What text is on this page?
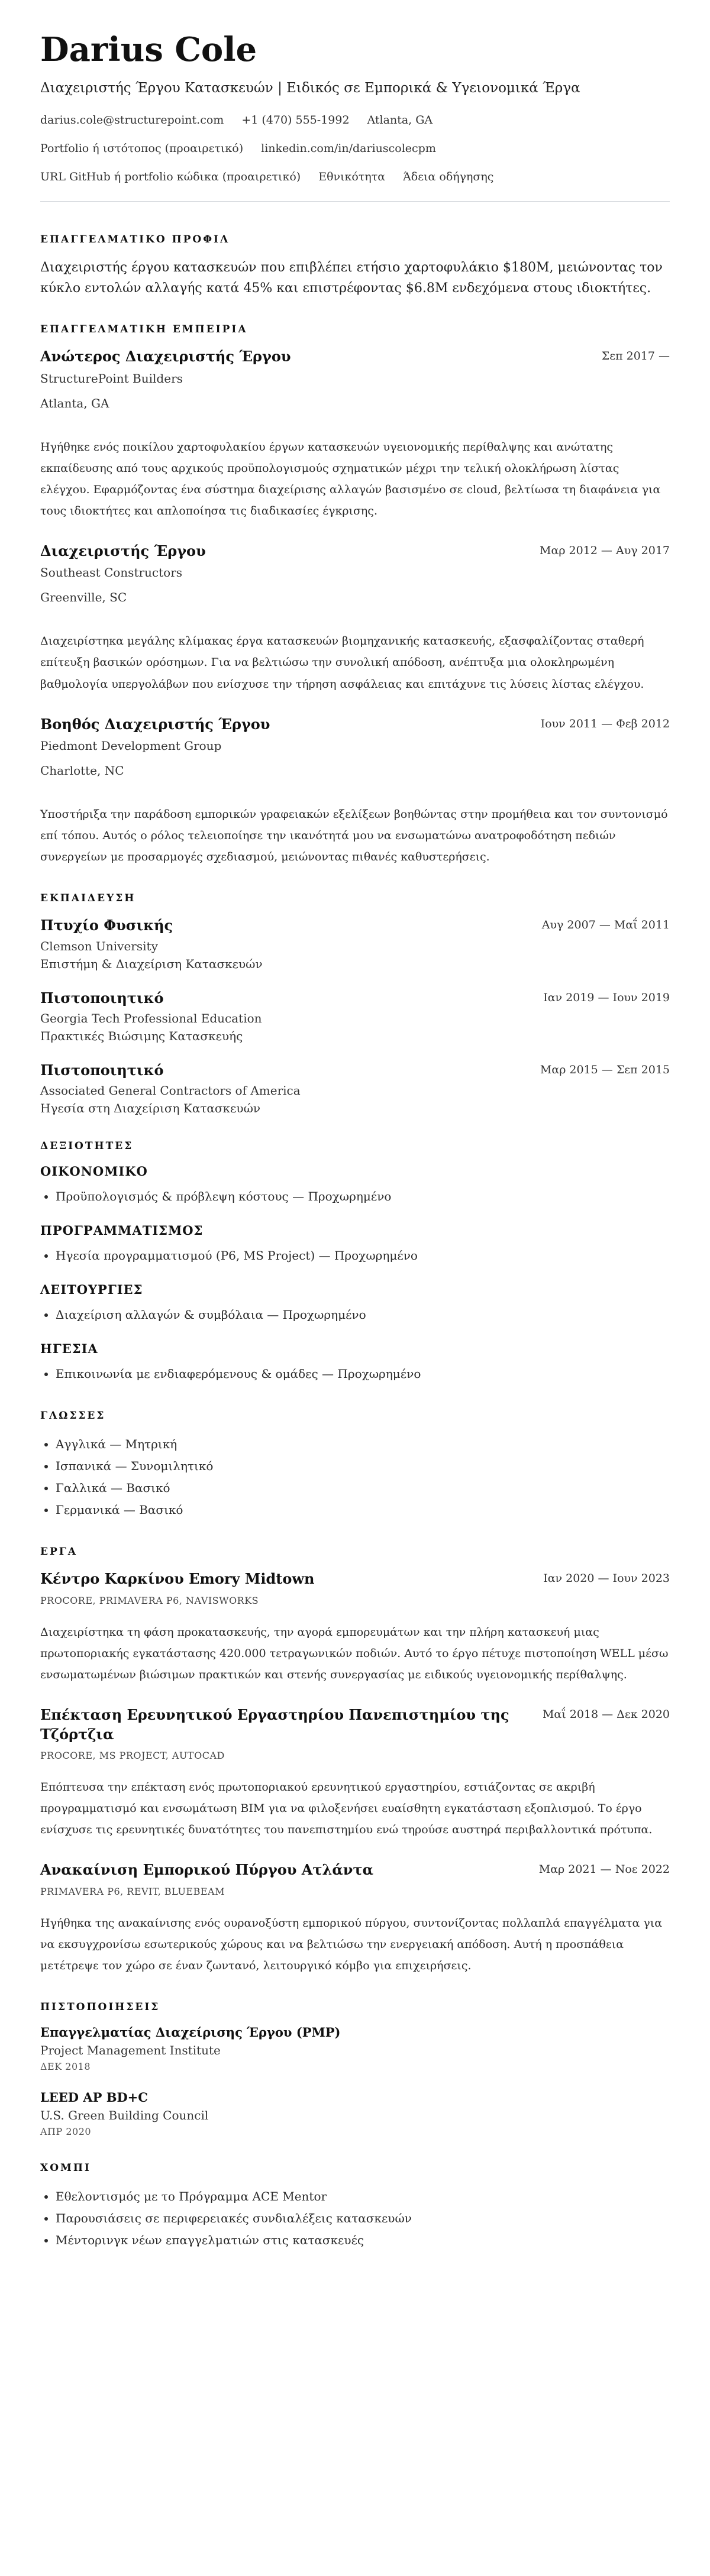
Darius Cole
Διαχειριστής Έργου Κατασκευών | Ειδικός σε Εμπορικά & Υγειονομικά Έργα
darius.cole@structurepoint.com +1 (470) 555-1992 Atlanta, GA
Portfolio ή ιστότοπος (προαιρετικό) linkedin.com/in/dariuscolecpm
URL GitHub ή portfolio κώδικα (προαιρετικό) Εθνικότητα Άδεια οδήγησης
ΕΠΑΓΓΕΛΜΑΤΙΚΟ ΠΡΟΦΙΛ

Διαχειριστής έργου κατασκευών που επιβλέπει ετήσιο χαρτοφυλάκιο $180M, μειώνοντας τον κύκλο εντολών αλλαγής κατά 45% και επιστρέφοντας $6.8M ενδεχόμενα στους ιδιοκτήτες.

ΕΠΑΓΓΕΛΜΑΤΙΚΗ ΕΜΠΕΙΡΙΑ
Ανώτερος Διαχειριστής Έργου	Σεπ 2017 —
StructurePoint Builders
Atlanta, GA

Ηγήθηκε ενός ποικίλου χαρτοφυλακίου έργων κατασκευών υγειονομικής περίθαλψης και ανώτατης εκπαίδευσης από τους αρχικούς προϋπολογισμούς σχηματικών μέχρι την τελική ολοκλήρωση λίστας ελέγχου. Εφαρμόζοντας ένα σύστημα διαχείρισης αλλαγών βασισμένο σε cloud, βελτίωσα τη διαφάνεια για τους ιδιοκτήτες και απλοποίησα τις διαδικασίες έγκρισης.

Διαχειριστής Έργου	Μαρ 2012 — Αυγ 2017
Southeast Constructors
Greenville, SC

Διαχειρίστηκα μεγάλης κλίμακας έργα κατασκευών βιομηχανικής κατασκευής, εξασφαλίζοντας σταθερή επίτευξη βασικών ορόσημων. Για να βελτιώσω την συνολική απόδοση, ανέπτυξα μια ολοκληρωμένη βαθμολογία υπεργολάβων που ενίσχυσε την τήρηση ασφάλειας και επιτάχυνε τις λύσεις λίστας ελέγχου.

Βοηθός Διαχειριστής Έργου	Ιουν 2011 — Φεβ 2012
Piedmont Development Group
Charlotte, NC

Υποστήριξα την παράδοση εμπορικών γραφειακών εξελίξεων βοηθώντας στην προμήθεια και τον συντονισμό επί τόπου. Αυτός ο ρόλος τελειοποίησε την ικανότητά μου να ενσωματώνω ανατροφοδότηση πεδιών συνεργείων με προσαρμογές σχεδιασμού, μειώνοντας πιθανές καθυστερήσεις.

ΕΚΠΑΙΔΕΥΣΗ
Πτυχίο Φυσικής	Αυγ 2007 — Μαΐ 2011
Clemson University
Επιστήμη & Διαχείριση Κατασκευών
Πιστοποιητικό	Ιαν 2019 — Ιουν 2019
Georgia Tech Professional Education
Πρακτικές Βιώσιμης Κατασκευής
Πιστοποιητικό	Μαρ 2015 — Σεπ 2015
Associated General Contractors of America
Ηγεσία στη Διαχείριση Κατασκευών
ΔΕΞΙΟΤΗΤΕΣ
ΟΙΚΟΝΟΜΙΚΟ
• Προϋπολογισμός & πρόβλεψη κόστους — Προχωρημένο
ΠΡΟΓΡΑΜΜΑΤΙΣΜΟΣ
• Ηγεσία προγραμματισμού (P6, MS Project) — Προχωρημένο
ΛΕΙΤΟΥΡΓΙΕΣ
• Διαχείριση αλλαγών & συμβόλαια — Προχωρημένο
ΗΓΕΣΙΑ
• Επικοινωνία με ενδιαφερόμενους & ομάδες — Προχωρημένο
ΓΛΩΣΣΕΣ
• Αγγλικά — Μητρική
• Ισπανικά — Συνομιλητικό
• Γαλλικά — Βασικό
• Γερμανικά — Βασικό
ΕΡΓΑ
Κέντρο Καρκίνου Emory Midtown	Ιαν 2020 — Ιουν 2023
PROCORE, PRIMAVERA P6, NAVISWORKS

Διαχειρίστηκα τη φάση προκατασκευής, την αγορά εμπορευμάτων και την πλήρη κατασκευή μιας πρωτοποριακής εγκατάστασης 420.000 τετραγωνικών ποδιών. Αυτό το έργο πέτυχε πιστοποίηση WELL μέσω ενσωματωμένων βιώσιμων πρακτικών και στενής συνεργασίας με ειδικούς υγειονομικής περίθαλψης.

Επέκταση Ερευνητικού Εργαστηρίου Πανεπιστημίου της Τζόρτζια
Μαΐ 2018 — Δεκ 2020
PROCORE, MS PROJECT, AUTOCAD

Επόπτευσα την επέκταση ενός πρωτοποριακού ερευνητικού εργαστηρίου, εστιάζοντας σε ακριβή προγραμματισμό και ενσωμάτωση BIM για να φιλοξενήσει ευαίσθητη εγκατάσταση εξοπλισμού. Το έργο ενίσχυσε τις ερευνητικές δυνατότητες του πανεπιστημίου ενώ τηρούσε αυστηρά περιβαλλοντικά πρότυπα.

Ανακαίνιση Εμπορικού Πύργου Ατλάντα	Μαρ 2021 — Νοε 2022
PRIMAVERA P6, REVIT, BLUEBEAM

Ηγήθηκα της ανακαίνισης ενός ουρανοξύστη εμπορικού πύργου, συντονίζοντας πολλαπλά επαγγέλματα για να εκσυγχρονίσω εσωτερικούς χώρους και να βελτιώσω την ενεργειακή απόδοση. Αυτή η προσπάθεια μετέτρεψε τον χώρο σε έναν ζωντανό, λειτουργικό κόμβο για επιχειρήσεις.

ΠΙΣΤΟΠΟΙΗΣΕΙΣ
Επαγγελματίας Διαχείρισης Έργου (PMP)
Project Management Institute
ΔΕΚ 2018
LEED AP BD+C
U.S. Green Building Council
ΑΠΡ 2020
ΧΟΜΠΙ
• Εθελοντισμός με το Πρόγραμμα ACE Mentor
• Παρουσιάσεις σε περιφερειακές συνδιαλέξεις κατασκευών
• Μέντορινγκ νέων επαγγελματιών στις κατασκευές
